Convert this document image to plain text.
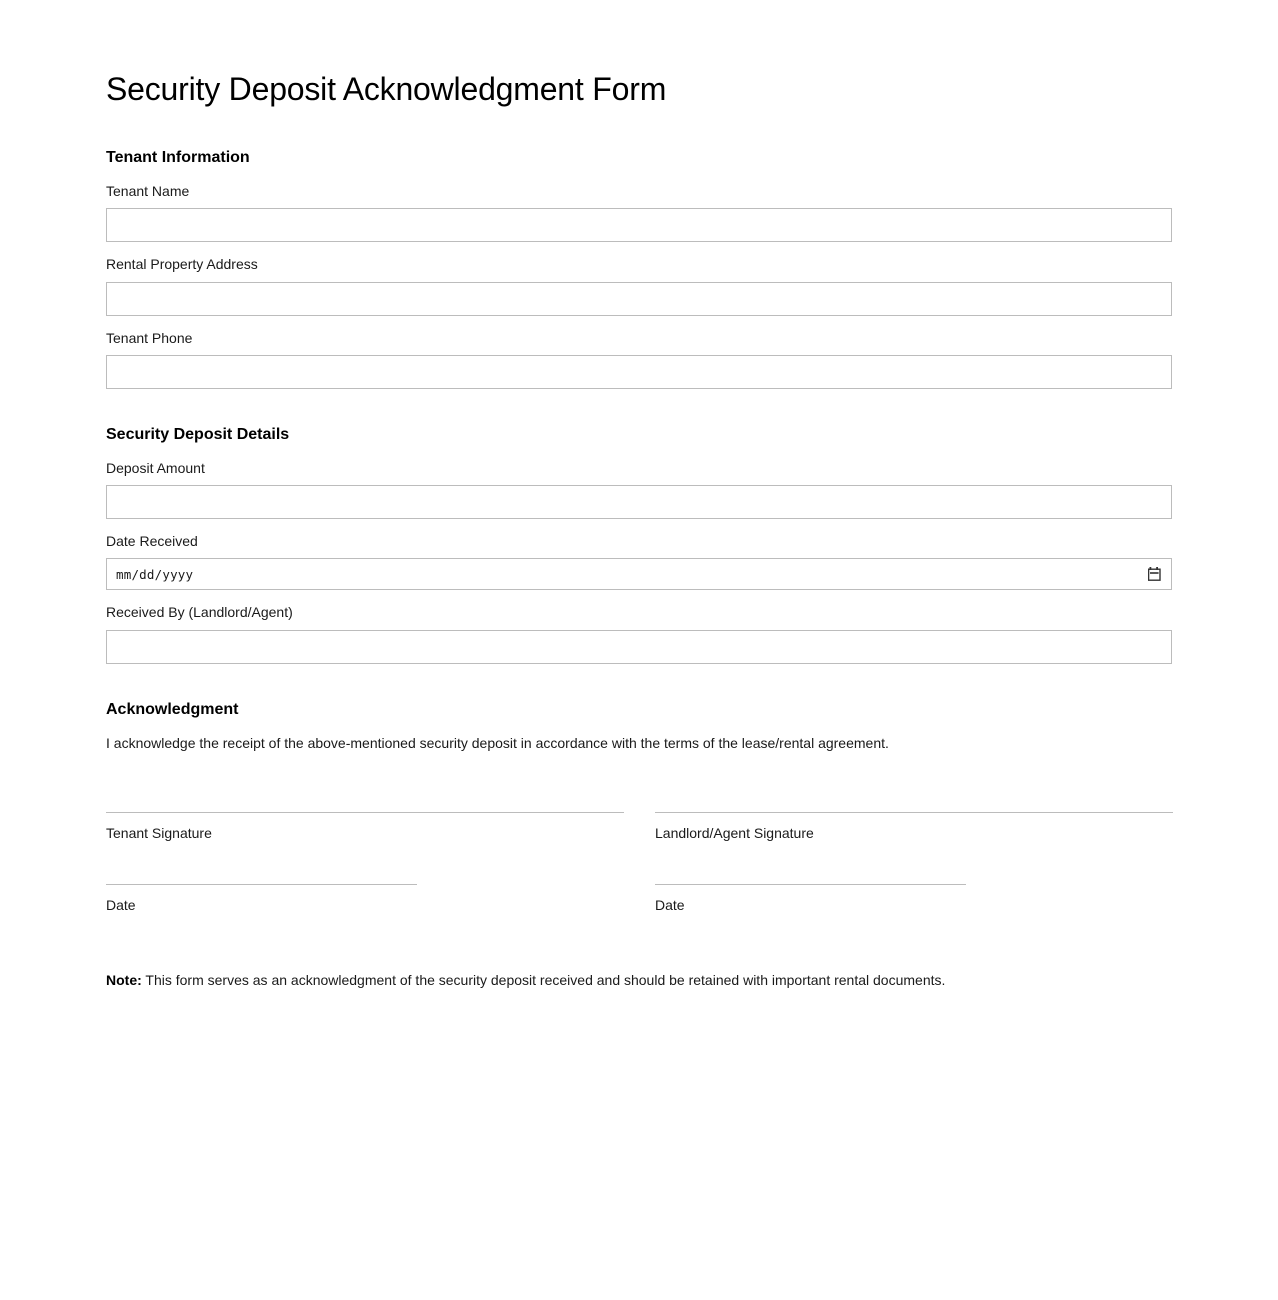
Security Deposit Acknowledgment Form
Tenant Information
Tenant Name
Rental Property Address
Tenant Phone
Security Deposit Details
Deposit Amount
Date Received
mm/dd/yyyy
Received By (Landlord/Agent)
Acknowledgment

I acknowledge the receipt of the above-mentioned security deposit in accordance with the terms of the lease/rental agreement.

Tenant Signature

Date

Landlord/Agent Signature

Date

Note: This form serves as an acknowledgment of the security deposit received and should be retained with important rental documents.
